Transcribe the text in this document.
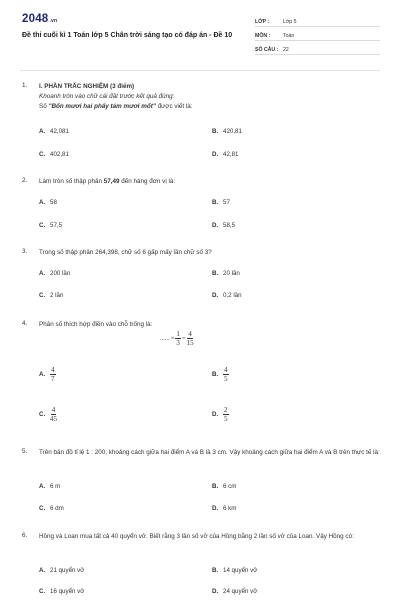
2048.vn
Đề thi cuối kì 1 Toán lớp 5 Chân trời sáng tạo có đáp án - Đề 10
LỚP :	Lớp 5
MÔN :	Toán
SỐ CÂU : 22
1.	I. PHẦN TRẮC NGHIỆM (3 điểm)
Khoanh tròn vào chữ cái đặt trước kết quả đúng:
Số "Bốn mươi hai phẩy tám mươi mốt" được viết là:
A. 42,081	B. 420,81
C. 402,81	D. 42,81
2.	Làm tròn số thập phân 57,49 đến hàng đơn vị là:
A. 58	B. 57
C. 57,5	D. 58,5
3.	Trong số thập phân 264,398, chữ số 6 gấp mấy lần chữ số 3?
A. 200 lần	B. 20 lần
C. 2 lần	D. 0,2 lần
4.	Phân số thích hợp điền vào chỗ trống là:
...... × $\frac{1}{3} = \frac{4}{15}$
A. $\frac{4}{7}$	B. $\frac{4}{5}$
C. $\frac{4}{45}$	D. $\frac{2}{5}$
5.	Trên bản đồ tỉ lệ 1 : 200, khoảng cách giữa hai điểm A và B là 3 cm. Vậy khoảng cách giữa hai điểm A và B trên thực tế là:
A. 6 m	B. 6 cm
C. 6 dm	D. 6 km
6.	Hồng và Loan mua tất cả 40 quyển vở. Biết rằng 3 lần số vở của Hồng bằng 2 lần số vở của Loan. Vậy Hồng có:
A. 21 quyển vở	B. 14 quyển vở
C. 16 quyển vở	D. 24 quyển vở
